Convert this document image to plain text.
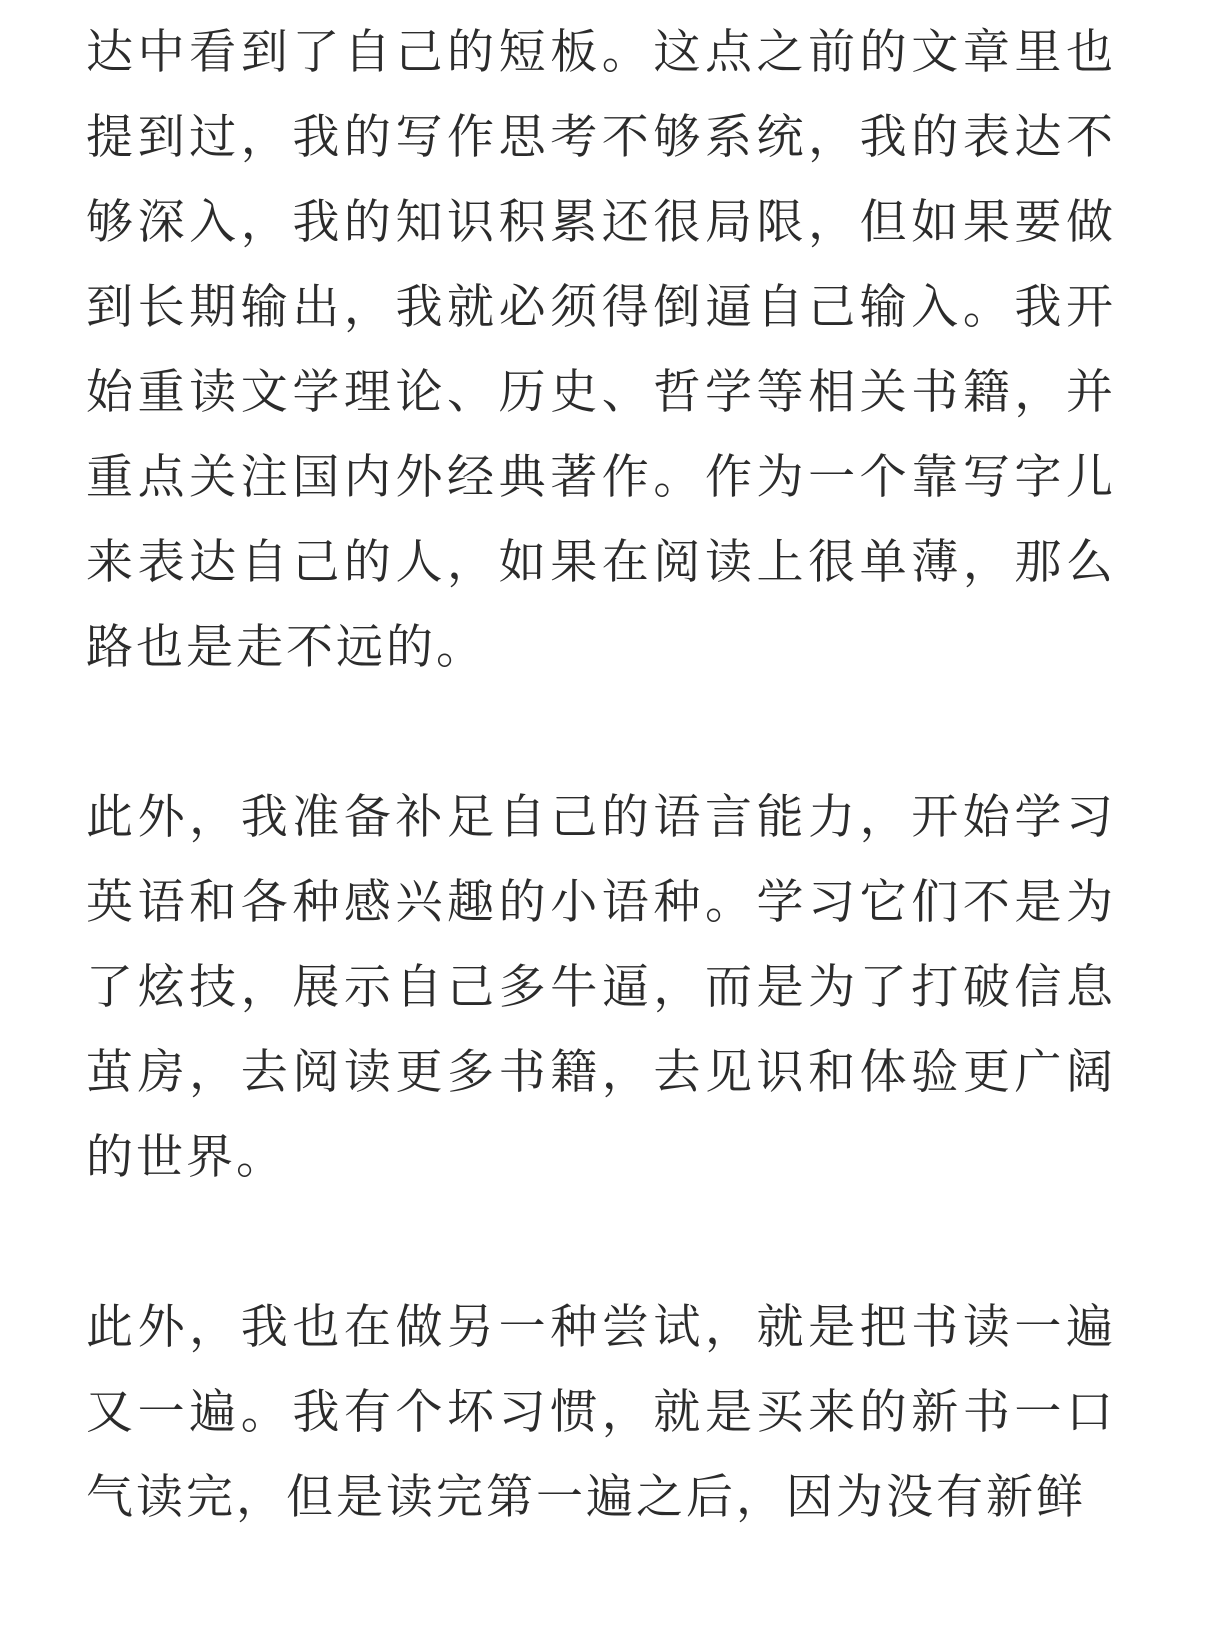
达中看到了自己的短板。这点之前的文章里也提到过，我的写作思考不够系统，我的表达不够深入，我的知识积累还很局限，但如果要做到长期输出，我就必须得倒逼自己输入。我开始重读文学理论、历史、哲学等相关书籍，并重点关注国内外经典著作。作为一个靠写字儿来表达自己的人，如果在阅读上很单薄，那么路也是走不远的。

此外，我准备补足自己的语言能力，开始学习英语和各种感兴趣的小语种。学习它们不是为了炫技，展示自己多牛逼，而是为了打破信息茧房，去阅读更多书籍，去见识和体验更广阔的世界。

此外，我也在做另一种尝试，就是把书读一遍又一遍。我有个坏习惯，就是买来的新书一口气读完，但是读完第一遍之后，因为没有新鲜
